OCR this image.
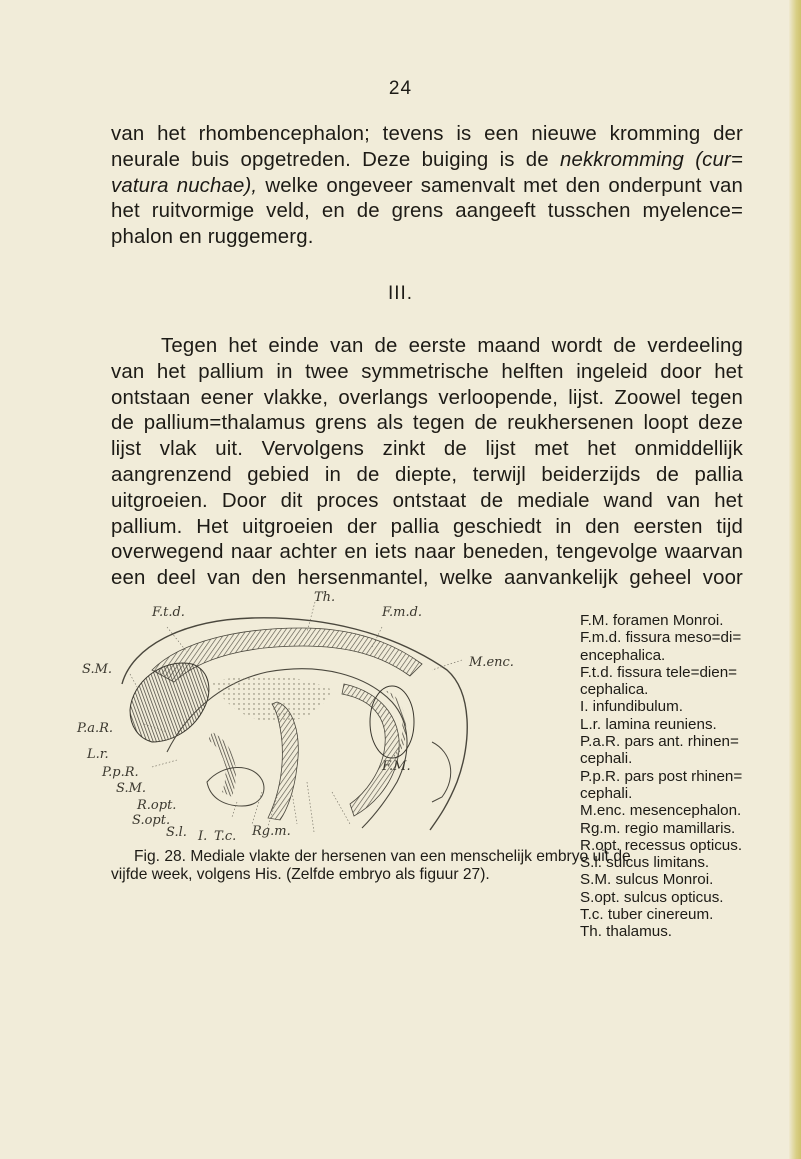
24
van het rhombencephalon; tevens is een nieuwe kromming der
neurale buis opgetreden. Deze buiging is de nekkromming (cur=
vatura nuchae), welke ongeveer samenvalt met den onderpunt van
het ruitvormige veld, en de grens aangeeft tusschen myelence=
phalon en ruggemerg.
III.
Tegen het einde van de eerste maand wordt de verdeeling
van het pallium in twee symmetrische helften ingeleid door het
ontstaan eener vlakke, overlangs verloopende, lijst. Zoowel tegen
de pallium=thalamus grens als tegen de reukhersenen loopt deze
lijst vlak uit. Vervolgens zinkt de lijst met het onmiddellijk
aangrenzend gebied in de diepte, terwijl beiderzijds de pallia
uitgroeien. Door dit proces ontstaat de mediale wand van het
pallium. Het uitgroeien der pallia geschiedt in den eersten tijd
overwegend naar achter en iets naar beneden, tengevolge waarvan
een deel van den hersenmantel, welke aanvankelijk geheel voor
Th.
F.t.d.	F.m.d.
M.enc.
S.M.
P.a.R.
L.r.
P.p.R.
S.M.
F.M.
R.opt.
S.opt.
S.l. I. T.c. Rg.m.
F.M. foramen Monroi.
F.m.d. fissura meso=di=
encephalica.
F.t.d. fissura tele=dien=
cephalica.
I. infundibulum.
L.r. lamina reuniens.
P.a.R. pars ant. rhinen=
cephali.
P.p.R. pars post rhinen=
cephali.
M.enc. mesencephalon.
Rg.m. regio mamillaris.
R.opt. recessus opticus.
S.l. sulcus limitans.
S.M. sulcus Monroi.
S.opt. sulcus opticus.
T.c. tuber cinereum.
Th. thalamus.
Fig. 28. Mediale vlakte der hersenen van een menschelijk embryo uit de
vijfde week, volgens His. (Zelfde embryo als figuur 27).
